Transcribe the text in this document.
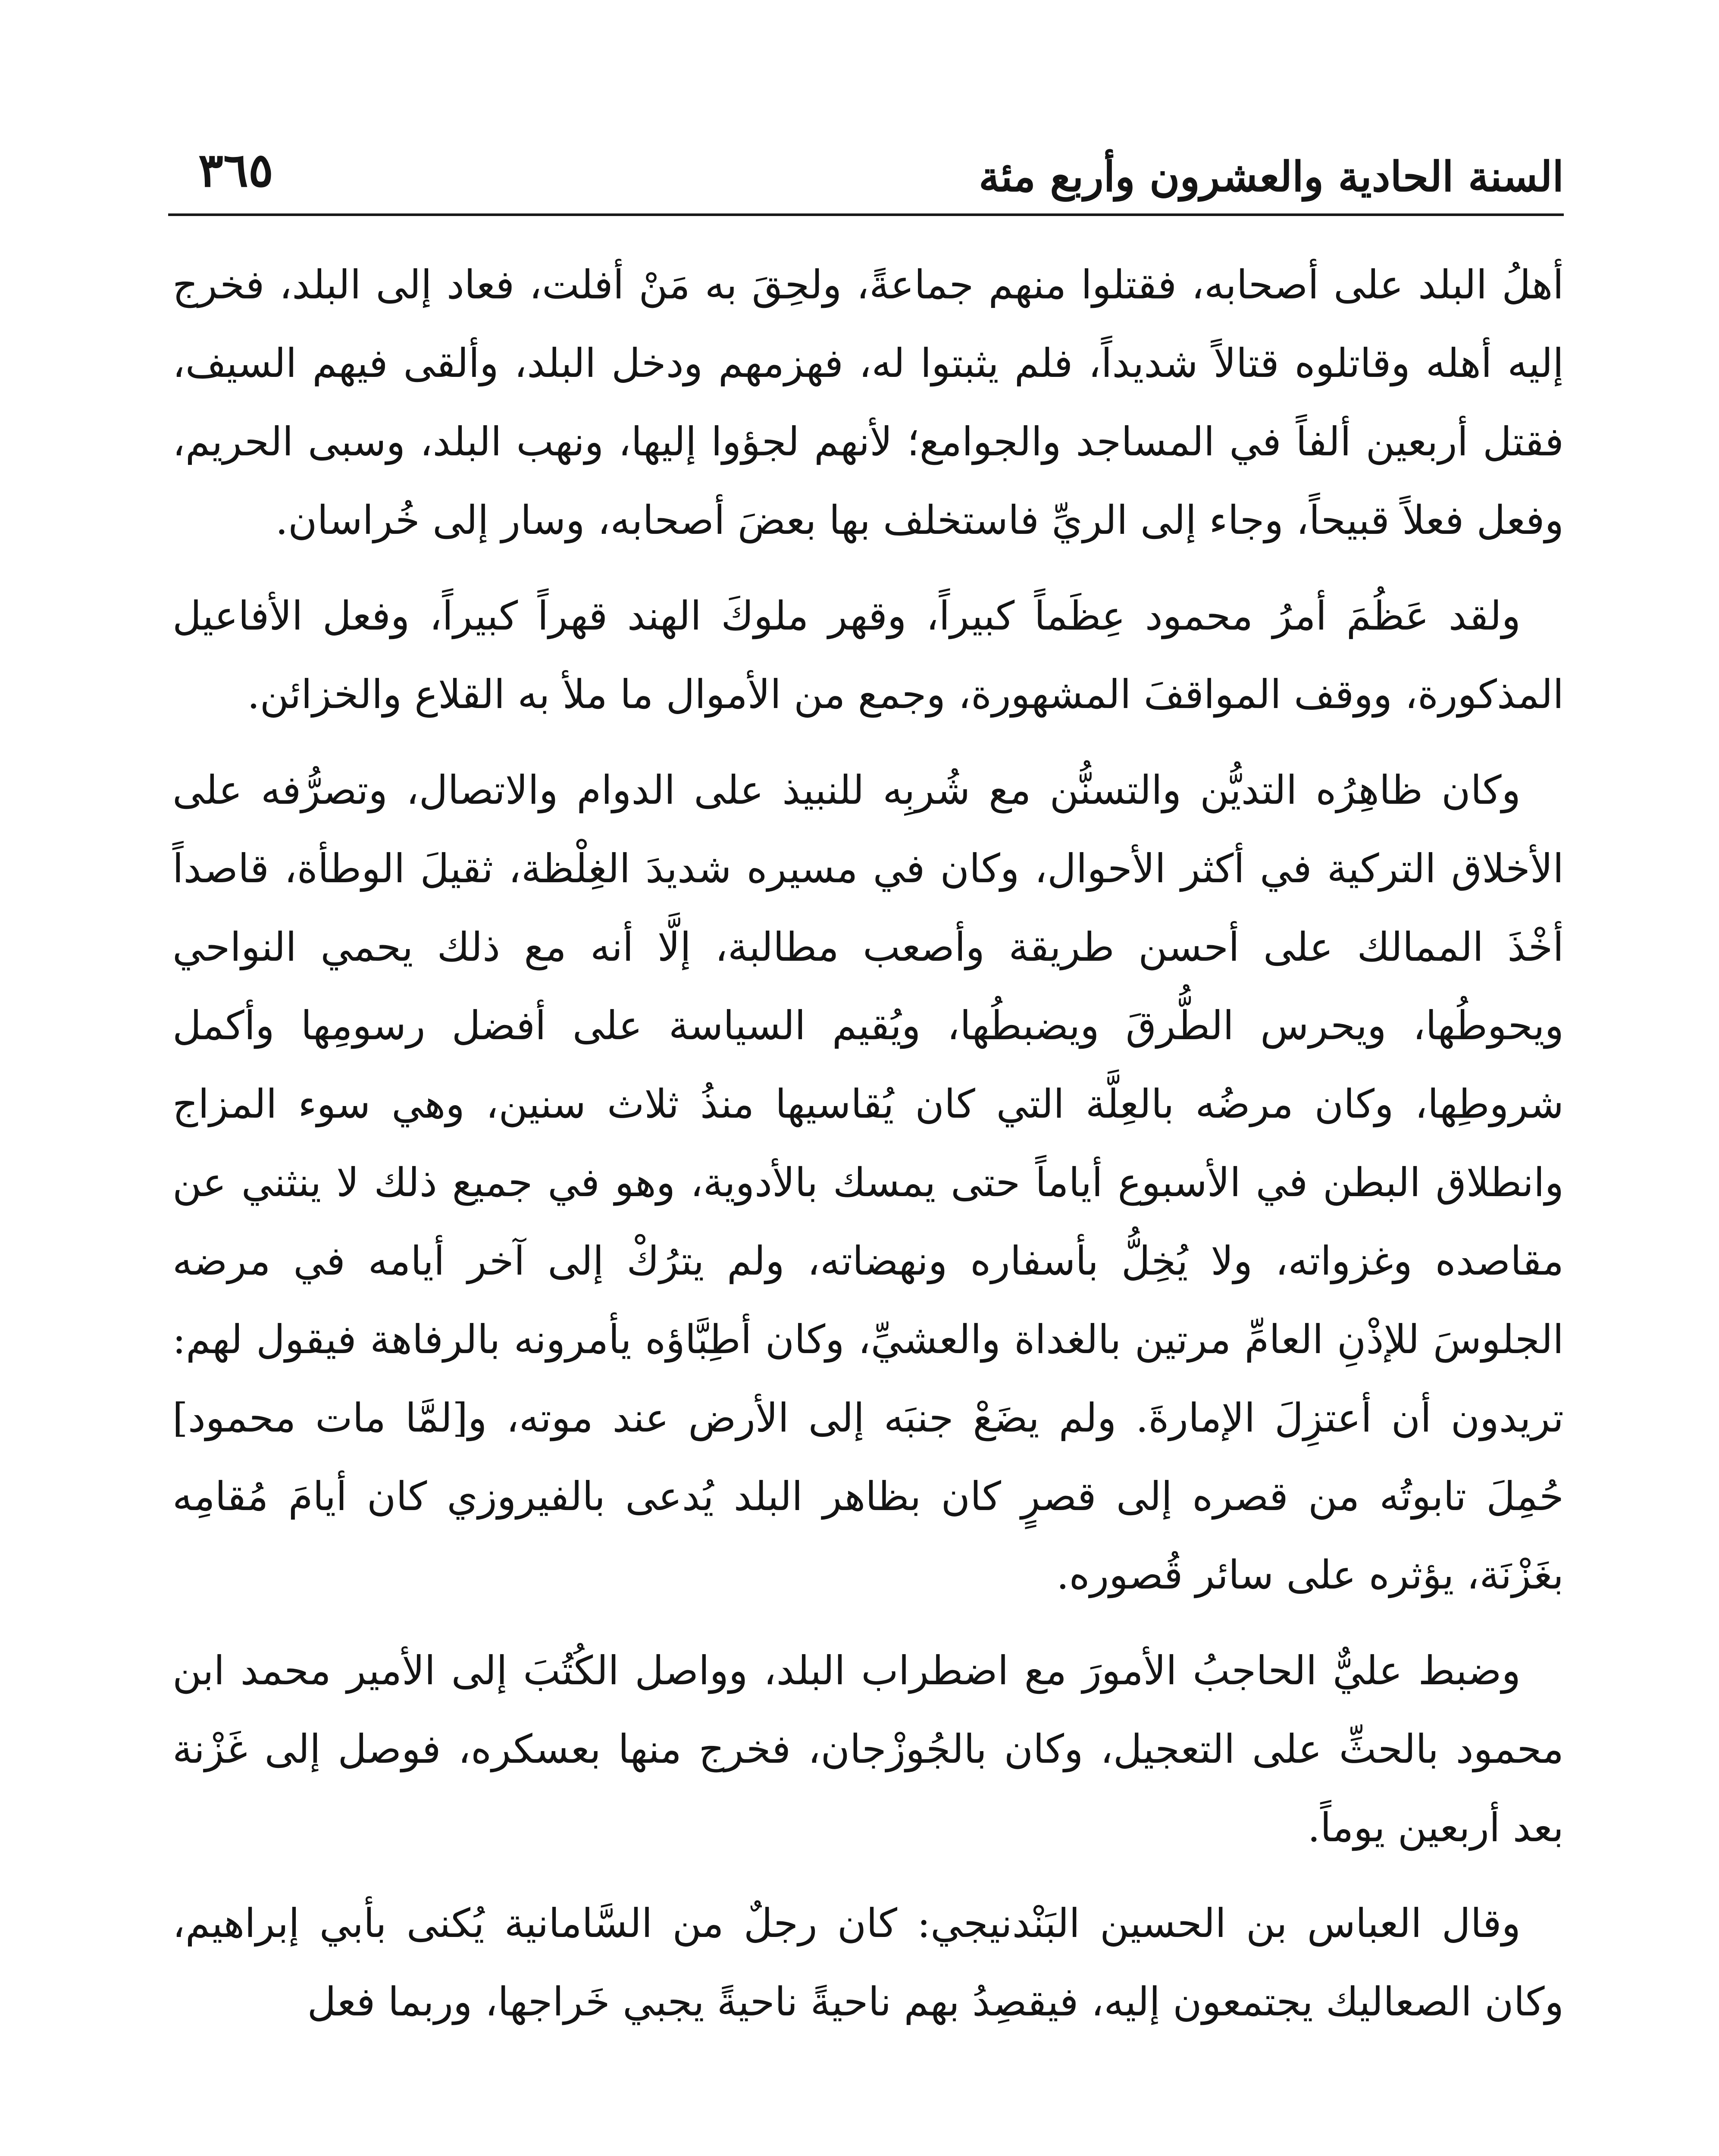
السنة الحادية والعشرون وأربع مئة
٣٦٥

أهلُ البلد على أصحابه، فقتلوا منهم جماعةً، ولحِقَ به مَنْ أفلت، فعاد إلى البلد، فخرج إليه أهله وقاتلوه قتالاً شديداً، فلم يثبتوا له، فهزمهم ودخل البلد، وألقى فيهم السيف، فقتل أربعين ألفاً في المساجد والجوامع؛ لأنهم لجؤوا إليها، ونهب البلد، وسبى الحريم، وفعل فعلاً قبيحاً، وجاء إلى الريِّ فاستخلف بها بعضَ أصحابه، وسار إلى خُراسان.

ولقد عَظُمَ أمرُ محمود عِظَماً كبيراً، وقهر ملوكَ الهند قهراً كبيراً، وفعل الأفاعيل المذكورة، ووقف المواقفَ المشهورة، وجمع من الأموال ما ملأ به القلاع والخزائن.

وكان ظاهِرُه التديُّن والتسنُّن مع شُربِه للنبيذ على الدوام والاتصال، وتصرُّفه على الأخلاق التركية في أكثر الأحوال، وكان في مسيره شديدَ الغِلْظة، ثقيلَ الوطأة، قاصداً أخْذَ الممالك على أحسن طريقة وأصعب مطالبة، إلَّا أنه مع ذلك يحمي النواحي ويحوطُها، ويحرس الطُّرقَ ويضبطُها، ويُقيم السياسة على أفضل رسومِها وأكمل شروطِها، وكان مرضُه بالعِلَّة التي كان يُقاسيها منذُ ثلاث سنين، وهي سوء المزاج وانطلاق البطن في الأسبوع أياماً حتى يمسك بالأدوية، وهو في جميع ذلك لا ينثني عن مقاصده وغزواته، ولا يُخِلُّ بأسفاره ونهضاته، ولم يترُكْ إلى آخر أيامه في مرضه الجلوسَ للإذْنِ العامِّ مرتين بالغداة والعشيِّ، وكان أطِبَّاؤه يأمرونه بالرفاهة فيقول لهم: تريدون أن أعتزِلَ الإمارةَ. ولم يضَعْ جنبَه إلى الأرض عند موته، و[لمَّا مات محمود] حُمِلَ تابوتُه من قصره إلى قصرٍ كان بظاهر البلد يُدعى بالفيروزي كان أيامَ مُقامِه بغَزْنَة، يؤثره على سائر قُصوره.

وضبط عليٌّ الحاجبُ الأمورَ مع اضطراب البلد، وواصل الكُتُبَ إلى الأمير محمد ابن محمود بالحثِّ على التعجيل، وكان بالجُوزْجان، فخرج منها بعسكره، فوصل إلى غَزْنة بعد أربعين يوماً.

وقال العباس بن الحسين البَنْدنيجي: كان رجلٌ من السَّامانية يُكنى بأبي إبراهيم، وكان الصعاليك يجتمعون إليه، فيقصِدُ بهم ناحيةً ناحيةً يجبي خَراجها، وربما فعل
